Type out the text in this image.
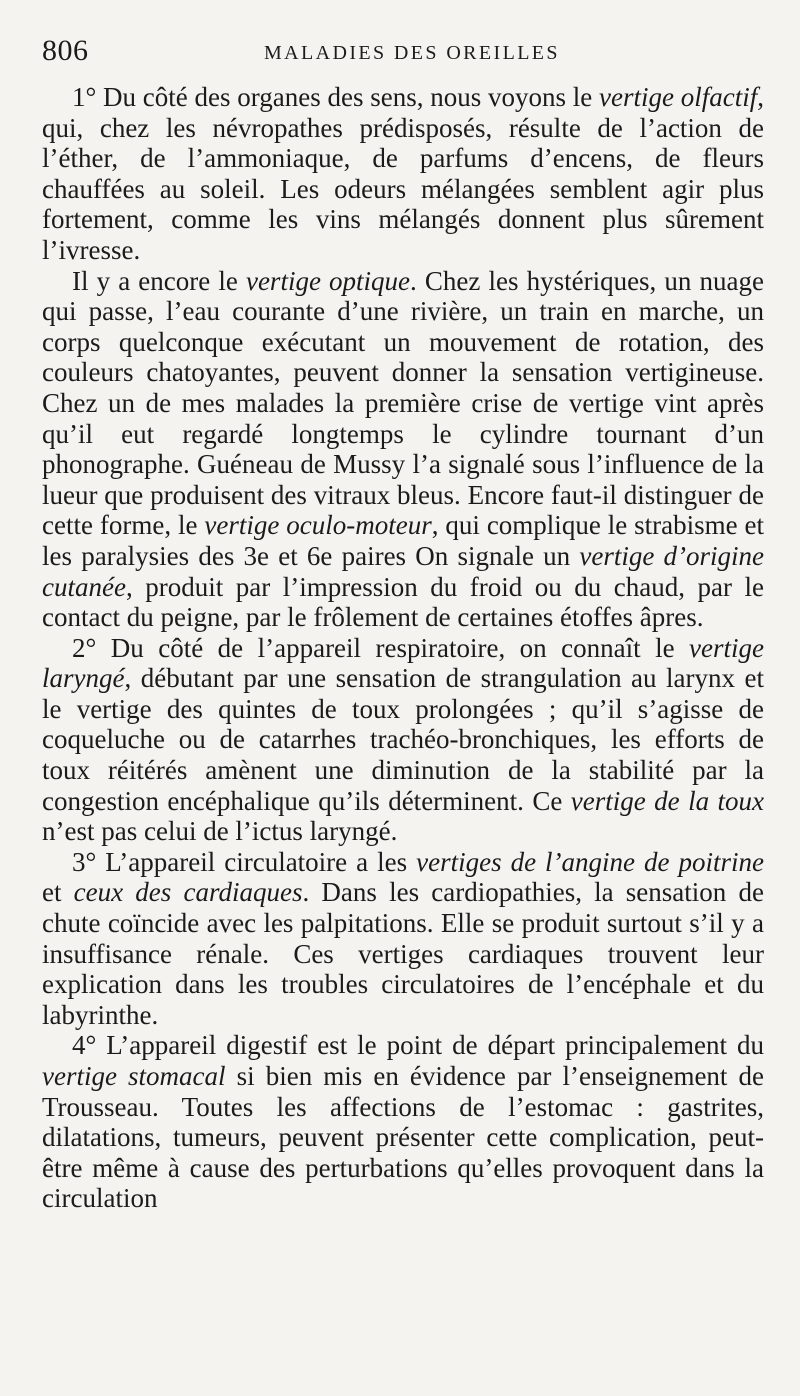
806	MALADIES DES OREILLES

1° Du côté des organes des sens, nous voyons le vertige olfactif, qui, chez les névropathes prédisposés, résulte de l’action de l’éther, de l’ammoniaque, de parfums d’encens, de fleurs chauffées au soleil. Les odeurs mélangées semblent agir plus fortement, comme les vins mélangés donnent plus sûrement l’ivresse.

Il y a encore le vertige optique. Chez les hystériques, un nuage qui passe, l’eau courante d’une rivière, un train en marche, un corps quelconque exécutant un mouvement de rotation, des couleurs chatoyantes, peuvent donner la sensation vertigineuse. Chez un de mes malades la première crise de vertige vint après qu’il eut regardé longtemps le cylindre tournant d’un phonographe. Guéneau de Mussy l’a signalé sous l’influence de la lueur que produisent des vitraux bleus. Encore faut-il distinguer de cette forme, le vertige oculo-moteur, qui complique le strabisme et les paralysies des 3e et 6e paires On signale un vertige d’origine cutanée, produit par l’impression du froid ou du chaud, par le contact du peigne, par le frôlement de certaines étoffes âpres.

2° Du côté de l’appareil respiratoire, on connaît le vertige laryngé, débutant par une sensation de strangulation au larynx et le vertige des quintes de toux prolongées ; qu’il s’agisse de coqueluche ou de catarrhes trachéo-bronchiques, les efforts de toux réitérés amènent une diminution de la stabilité par la congestion encéphalique qu’ils déterminent. Ce vertige de la toux n’est pas celui de l’ictus laryngé.

3° L’appareil circulatoire a les vertiges de l’angine de poitrine et ceux des cardiaques. Dans les cardiopathies, la sensation de chute coïncide avec les palpitations. Elle se produit surtout s’il y a insuffisance rénale. Ces vertiges cardiaques trouvent leur explication dans les troubles circulatoires de l’encéphale et du labyrinthe.

4° L’appareil digestif est le point de départ principalement du vertige stomacal si bien mis en évidence par l’enseignement de Trousseau. Toutes les affections de l’estomac : gastrites, dilatations, tumeurs, peuvent présenter cette complication, peut-être même à cause des perturbations qu’elles provoquent dans la circulation
